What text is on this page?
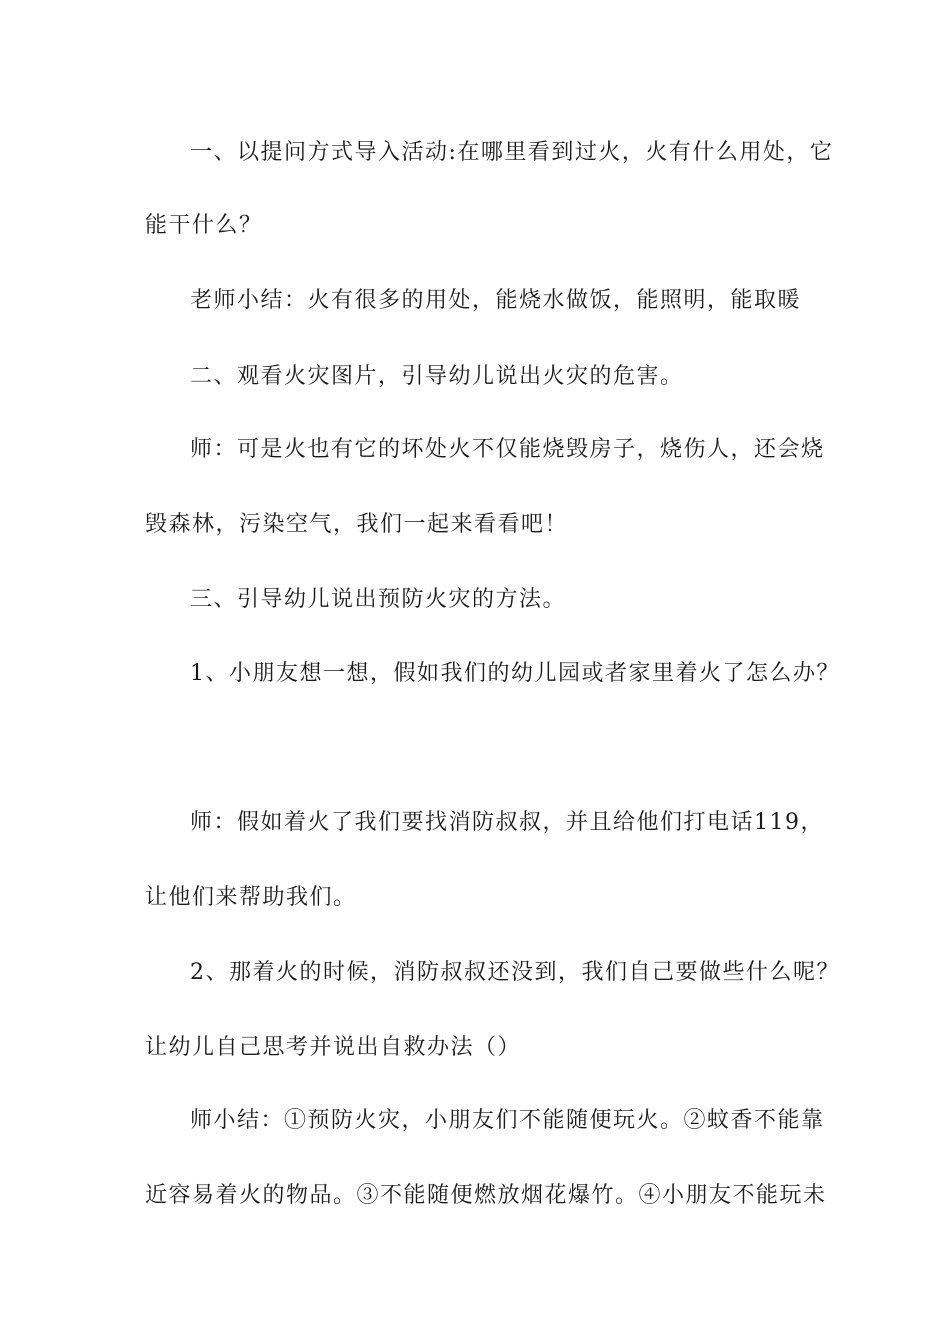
一、以提问方式导入活动:在哪里看到过火，火有什么用处，它
能干什么？
老师小结：火有很多的用处，能烧水做饭，能照明，能取暖
二、观看火灾图片，引导幼儿说出火灾的危害。
师：可是火也有它的坏处火不仅能烧毁房子，烧伤人，还会烧
毁森林，污染空气，我们一起来看看吧！
三、引导幼儿说出预防火灾的方法。
1、小朋友想一想，假如我们的幼儿园或者家里着火了怎么办？
师：假如着火了我们要找消防叔叔，并且给他们打电话119，
让他们来帮助我们。
2、那着火的时候，消防叔叔还没到，我们自己要做些什么呢？
让幼儿自己思考并说出自救办法（）
师小结：①预防火灾，小朋友们不能随便玩火。②蚊香不能靠
近容易着火的物品。③不能随便燃放烟花爆竹。④小朋友不能玩未
